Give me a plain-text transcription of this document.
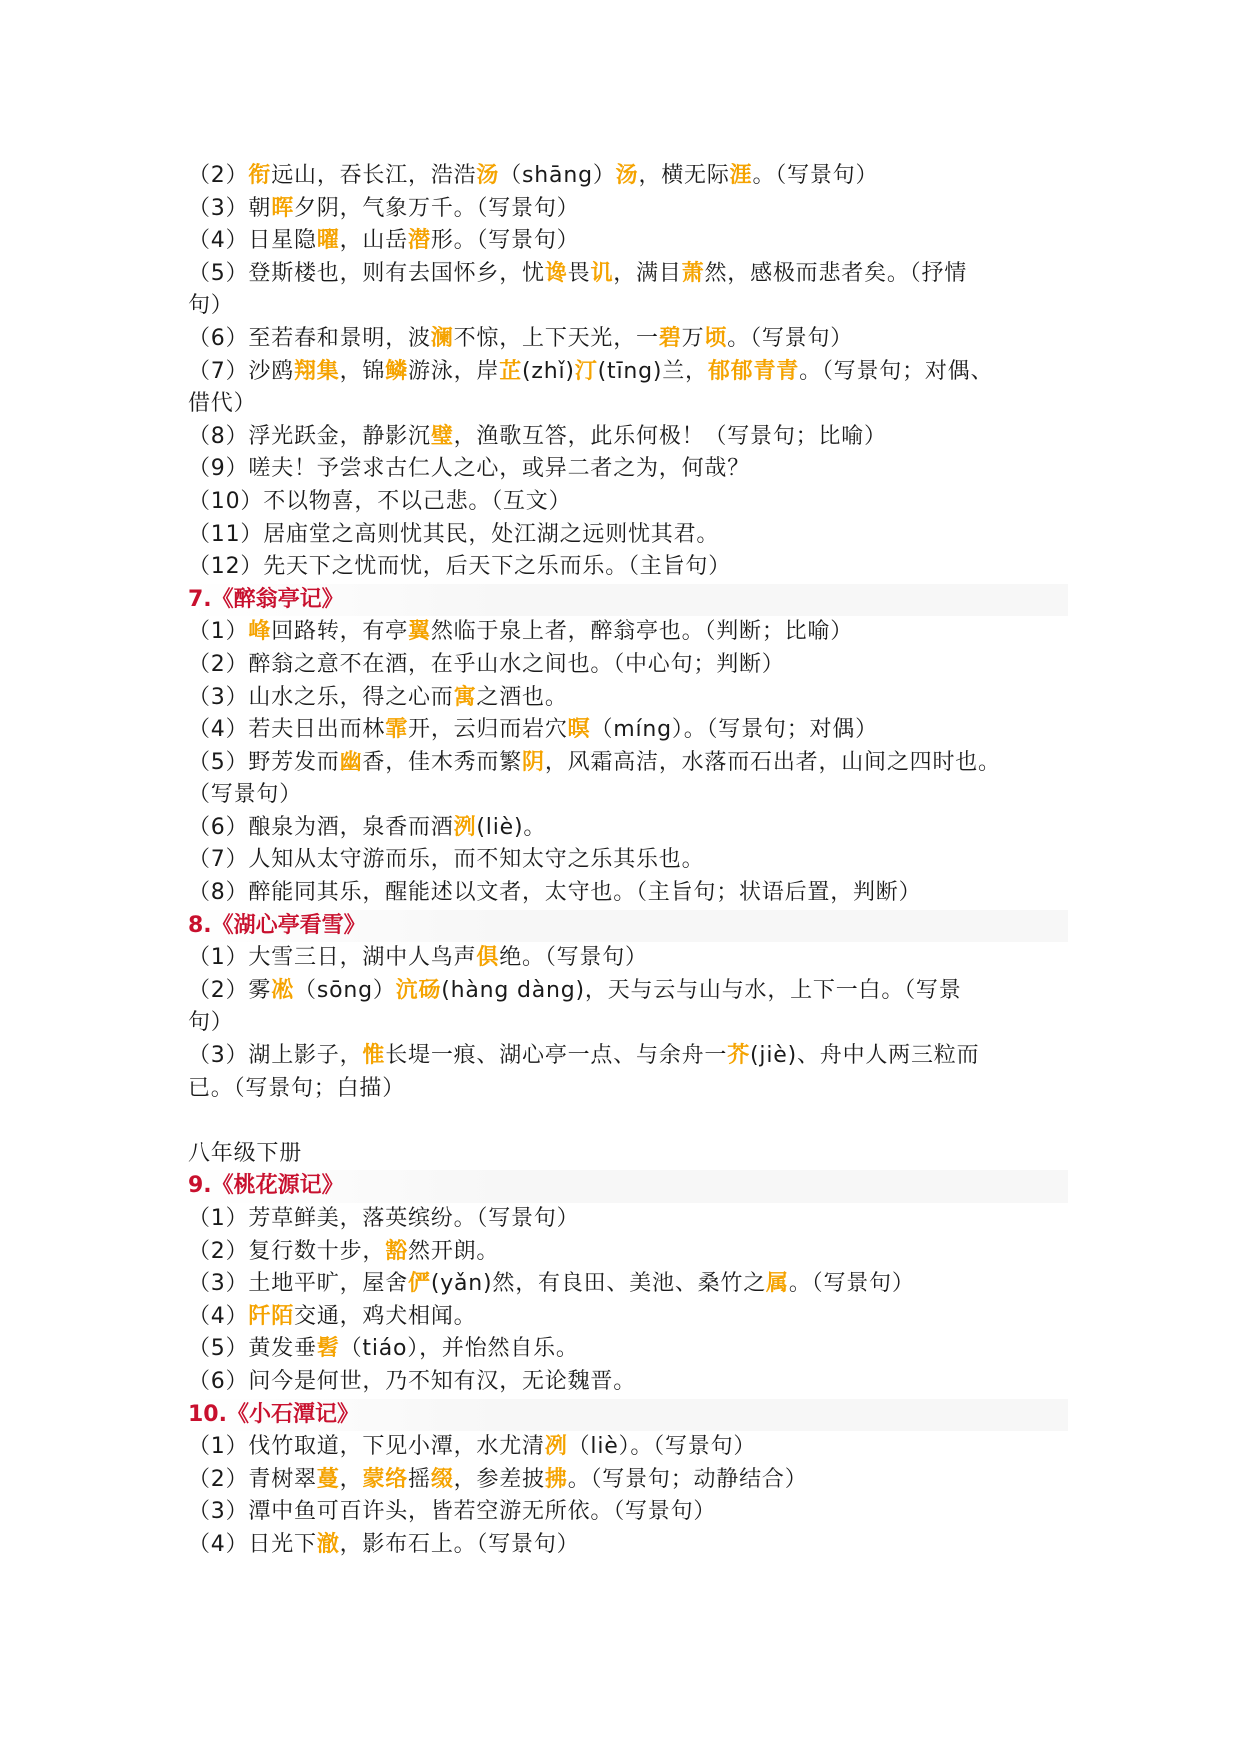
（2）衔远山，吞长江，浩浩汤（shāng）汤，横无际涯。（写景句）
（3）朝晖夕阴，气象万千。（写景句）
（4）日星隐曜，山岳潜形。（写景句）
（5）登斯楼也，则有去国怀乡，忧谗畏讥，满目萧然，感极而悲者矣。（抒情
句）
（6）至若春和景明，波澜不惊，上下天光，一碧万顷。（写景句）
（7）沙鸥翔集，锦鳞游泳，岸芷(zhǐ)汀(tīng)兰，郁郁青青。（写景句；对偶、
借代）
（8）浮光跃金，静影沉璧，渔歌互答，此乐何极！（写景句；比喻）
（9）嗟夫！予尝求古仁人之心，或异二者之为，何哉？
（10）不以物喜，不以己悲。（互文）
（11）居庙堂之高则忧其民，处江湖之远则忧其君。
（12）先天下之忧而忧，后天下之乐而乐。（主旨句）
7.《醉翁亭记》
（1）峰回路转，有亭翼然临于泉上者，醉翁亭也。（判断；比喻）
（2）醉翁之意不在酒，在乎山水之间也。（中心句；判断）
（3）山水之乐，得之心而寓之酒也。
（4）若夫日出而林霏开，云归而岩穴暝（míng）。（写景句；对偶）
（5）野芳发而幽香，佳木秀而繁阴，风霜高洁，水落而石出者，山间之四时也。
（写景句）
（6）酿泉为酒，泉香而酒洌(liè)。
（7）人知从太守游而乐，而不知太守之乐其乐也。
（8）醉能同其乐，醒能述以文者，太守也。（主旨句；状语后置，判断）
8.《湖心亭看雪》
（1）大雪三日，湖中人鸟声俱绝。（写景句）
（2）雾凇（sōng）沆砀(hàng dàng)，天与云与山与水，上下一白。（写景
句）
（3）湖上影子，惟长堤一痕、湖心亭一点、与余舟一芥(jiè)、舟中人两三粒而
已。（写景句；白描）
八年级下册
9.《桃花源记》
（1）芳草鲜美，落英缤纷。（写景句）
（2）复行数十步，豁然开朗。
（3）土地平旷，屋舍俨(yǎn)然，有良田、美池、桑竹之属。（写景句）
（4）阡陌交通，鸡犬相闻。
（5）黄发垂髫（tiáo），并怡然自乐。
（6）问今是何世，乃不知有汉，无论魏晋。
10.《小石潭记》
（1）伐竹取道，下见小潭，水尤清冽（liè）。（写景句）
（2）青树翠蔓，蒙络摇缀，参差披拂。（写景句；动静结合）
（3）潭中鱼可百许头，皆若空游无所依。（写景句）
（4）日光下澈，影布石上。（写景句）
